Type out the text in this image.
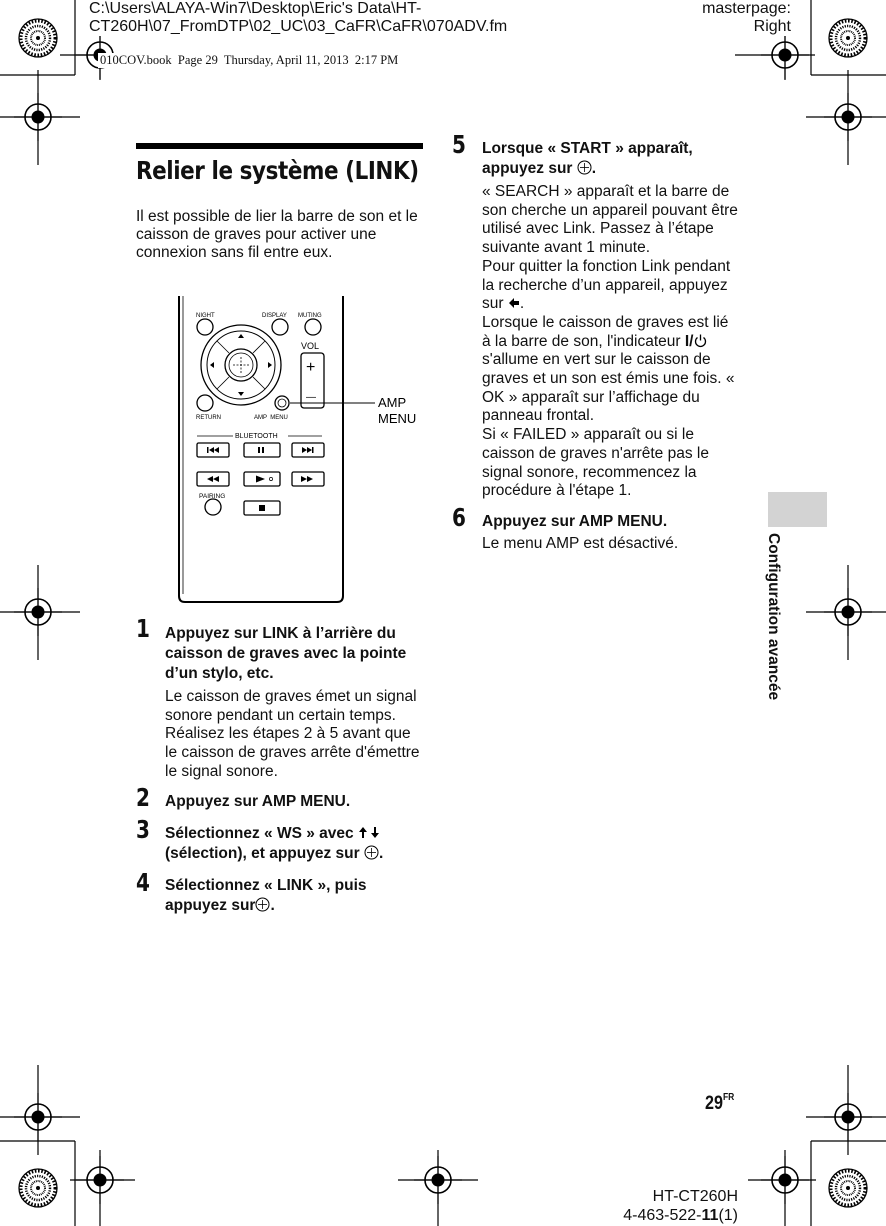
C:\Users\ALAYA-Win7\Desktop\Eric's Data\HT-
CT260H\07_FromDTP\02_UC\03_CaFR\CaFR\070ADV.fm
masterpage:
Right
010COV.book  Page 29  Thursday, April 11, 2013  2:17 PM
Relier le système (LINK)
Il est possible de lier la barre de son et le caisson de graves pour activer une connexion sans fil entre eux.
NIGHT	DISPLAY MUTING
VOL
+
—
RETURN	AMP  MENU
AMP
MENU
BLUETOOTH
PAIRING
1 Appuyez sur LINK à l’arrière du caisson de graves avec la pointe d’un stylo, etc.
Le caisson de graves émet un signal sonore pendant un certain temps. Réalisez les étapes 2 à 5 avant que le caisson de graves arrête d'émettre le signal sonore.
2 Appuyez sur AMP MENU.
3 Sélectionnez « WS » avec
(sélection), et appuyez sur .
4 Sélectionnez « LINK », puis
appuyez sur .
5 Lorsque « START » apparaît,
appuyez sur .

« SEARCH » apparaît et la barre de son cherche un appareil pouvant être utilisé avec Link. Passez à l’étape suivante avant 1 minute.

Pour quitter la fonction Link pendant la recherche d’un appareil, appuyez sur .

Lorsque le caisson de graves est lié à la barre de son, l'indicateur I/ s'allume en vert sur le caisson de graves et un son est émis une fois. « OK » apparaît sur l’affichage du panneau frontal.

Si « FAILED » apparaît ou si le caisson de graves n'arrête pas le signal sonore, recommencez la procédure à l'étape 1.

6 Appuyez sur AMP MENU.
Le menu AMP est désactivé.	Configuration avancée
$29^{FR}$
HT-CT260H
4-463-522-11(1)
